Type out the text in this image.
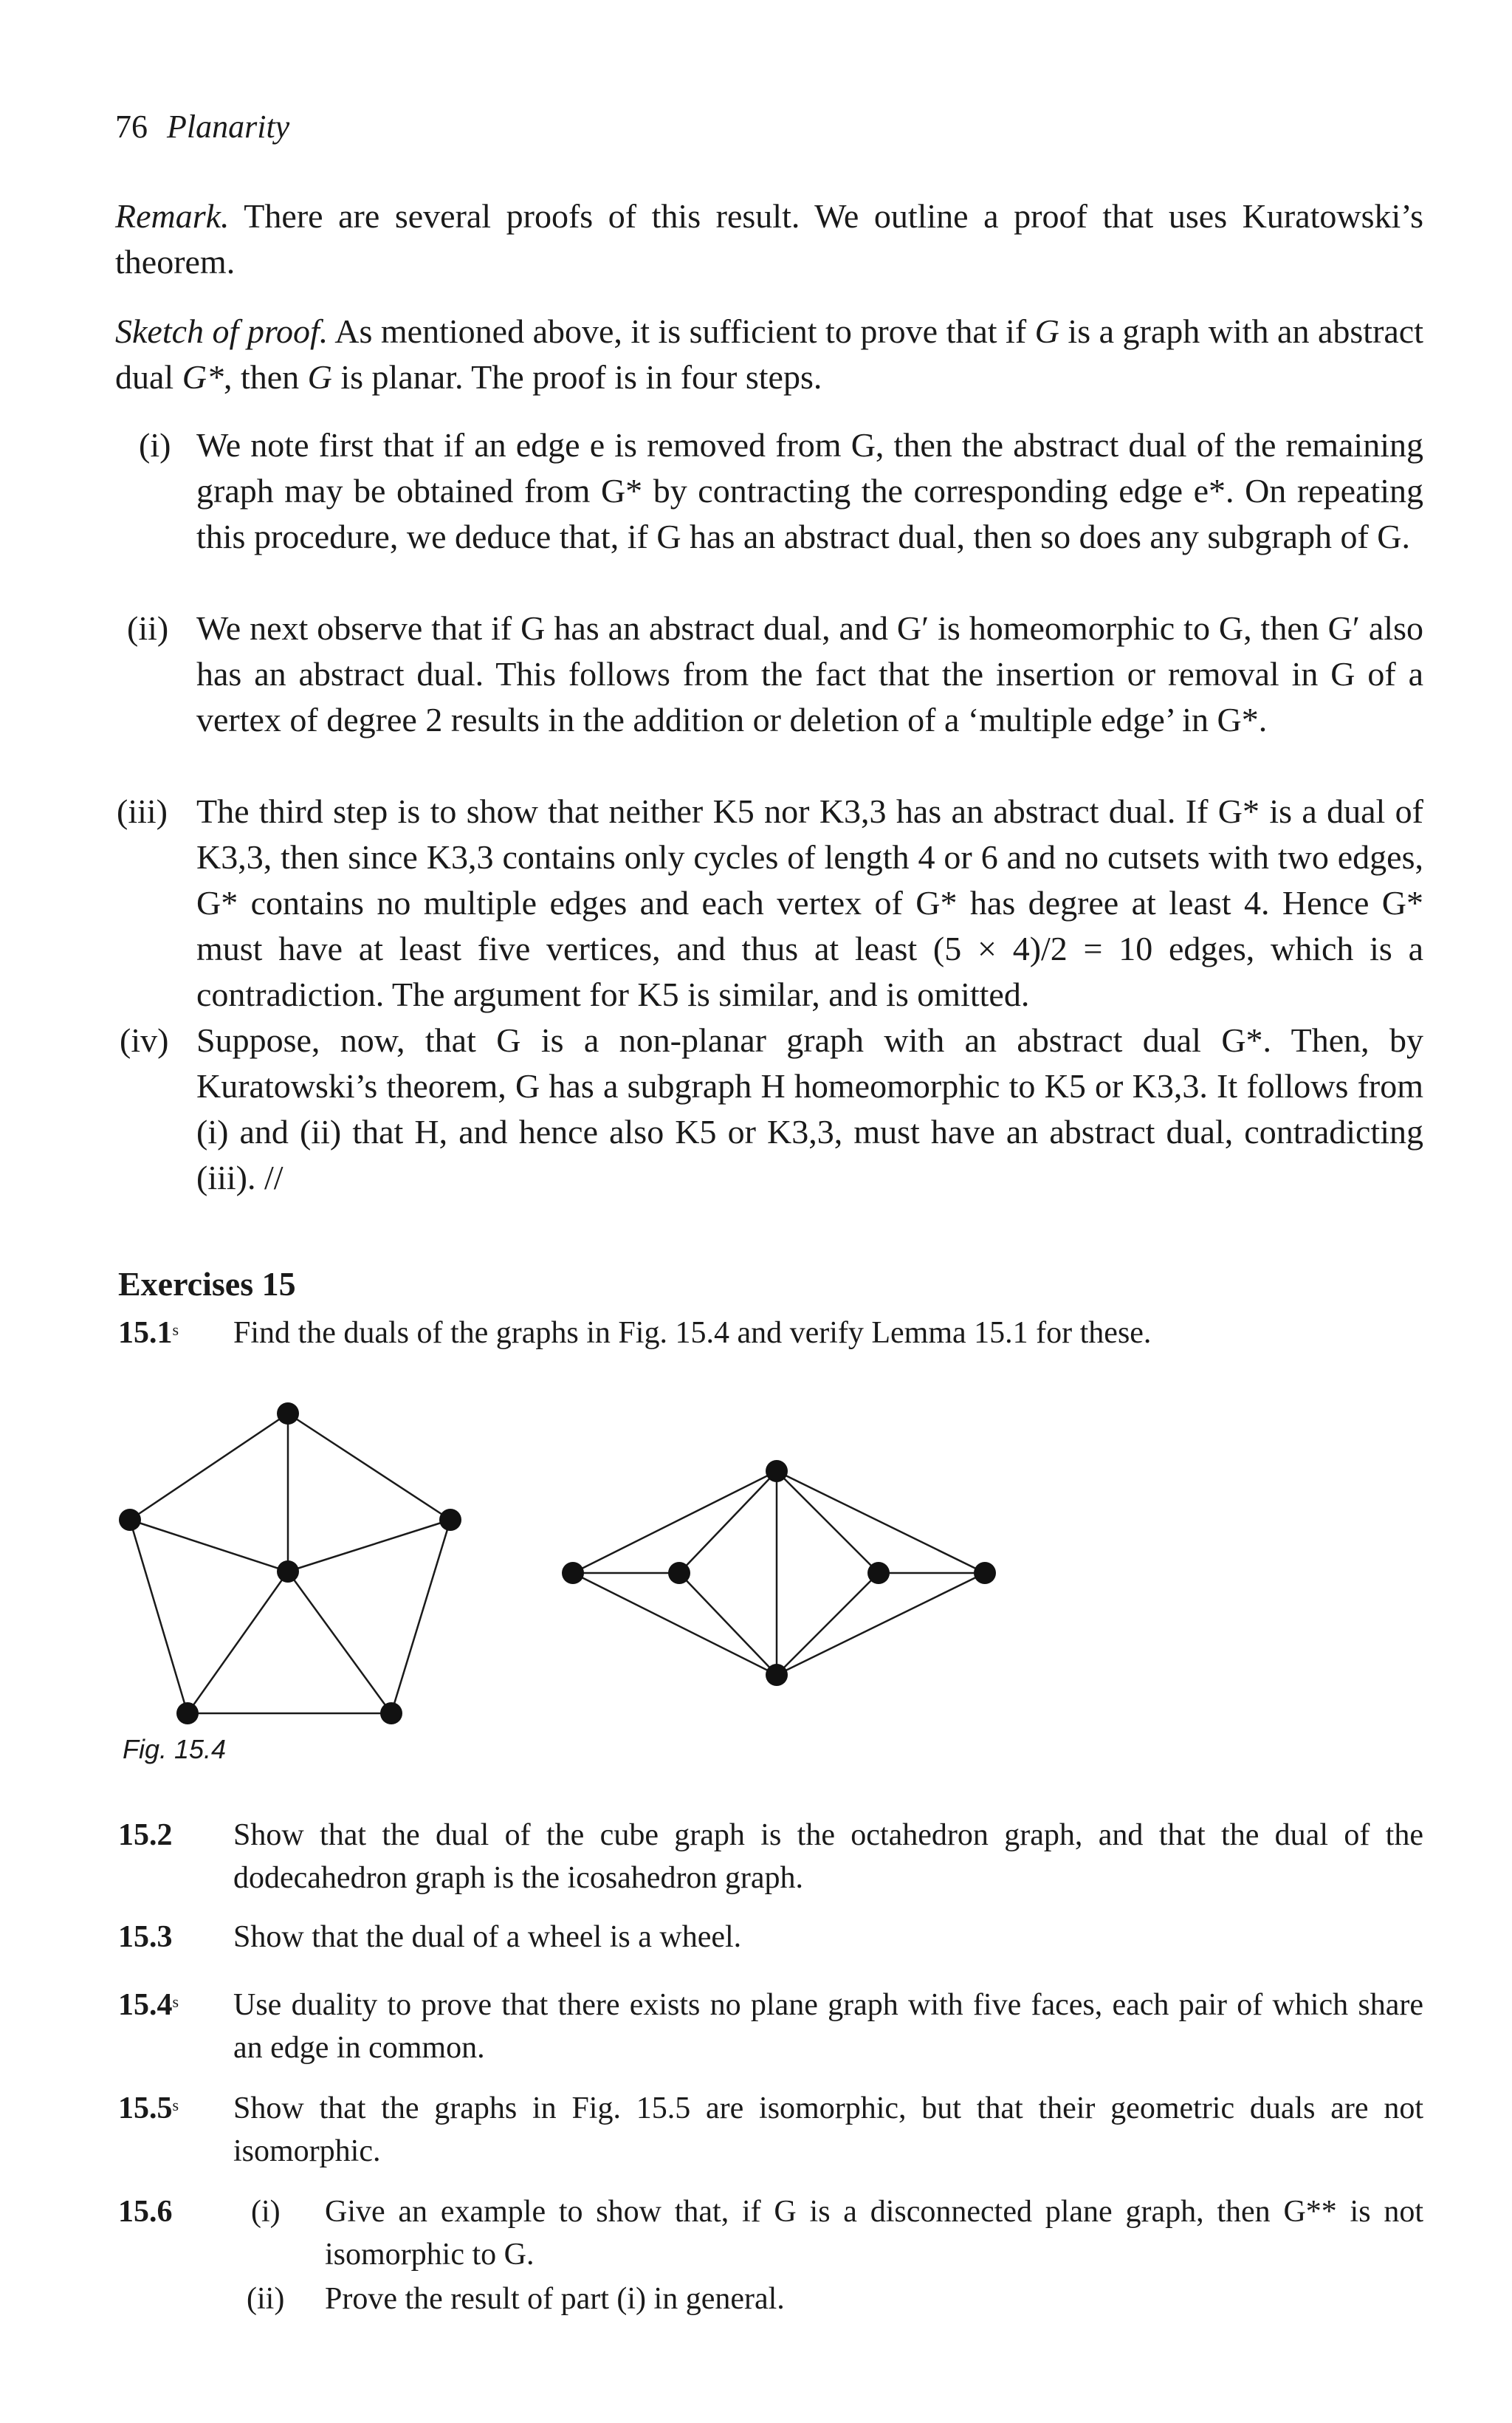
76 Planarity
Remark. There are several proofs of this result. We outline a proof that uses Kuratowski’s theorem.
Sketch of proof. As mentioned above, it is sufficient to prove that if G is a graph with an abstract dual G*, then G is planar. The proof is in four steps.
(i) We note first that if an edge e is removed from G, then the abstract dual of the remaining graph may be obtained from G* by contracting the corresponding edge e*. On repeating this procedure, we deduce that, if G has an abstract dual, then so does any subgraph of G.
(ii) We next observe that if G has an abstract dual, and G′ is homeomorphic to G, then G′ also has an abstract dual. This follows from the fact that the insertion or removal in G of a vertex of degree 2 results in the addition or deletion of a ‘multiple edge’ in G*.
(iii) The third step is to show that neither K5 nor K3,3 has an abstract dual. If G* is a dual of K3,3, then since K3,3 contains only cycles of length 4 or 6 and no cutsets with two edges, G* contains no multiple edges and each vertex of G* has degree at least 4. Hence G* must have at least five vertices, and thus at least (5 × 4)/2 = 10 edges, which is a contradiction. The argument for K5 is similar, and is omitted.
(iv) Suppose, now, that G is a non-planar graph with an abstract dual G*. Then, by Kuratowski’s theorem, G has a subgraph H homeomorphic to K5 or K3,3. It follows from (i) and (ii) that H, and hence also K5 or K3,3, must have an abstract dual, contradicting (iii). //
Exercises 15
15.1$^s$ Find the duals of the graphs in Fig. 15.4 and verify Lemma 15.1 for these.
Fig. 15.4
15.2 Show that the dual of the cube graph is the octahedron graph, and that the dual of the dodecahedron graph is the icosahedron graph.
15.3 Show that the dual of a wheel is a wheel.
15.4$^s$ Use duality to prove that there exists no plane graph with five faces, each pair of which share an edge in common.
15.5$^s$ Show that the graphs in Fig. 15.5 are isomorphic, but that their geometric duals are not isomorphic.
15.6	(i) Give an example to show that, if G is a disconnected plane graph, then G** is not isomorphic to G.
(ii) Prove the result of part (i) in general.
